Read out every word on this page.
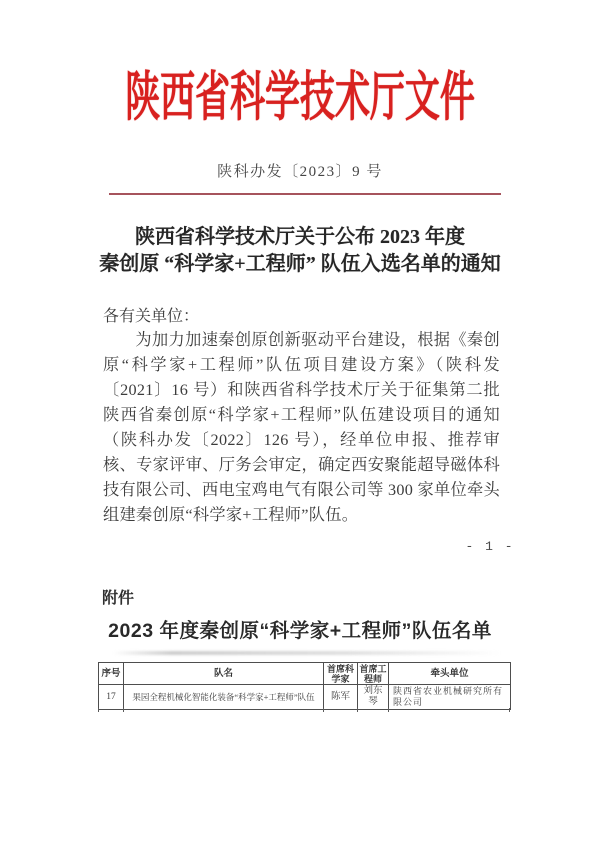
陕西省科学技术厅文件
陕科办发〔2023〕9 号
陕西省科学技术厅关于公布 2023 年度
秦创原 “科学家+工程师” 队伍入选名单的通知
各有关单位：
为加力加速秦创原创新驱动平台建设，根据《秦创原“科学家+工程师”队伍项目建设方案》（陕科发〔2021〕16 号）和陕西省科学技术厅关于征集第二批陕西省秦创原“科学家+工程师”队伍建设项目的通知（陕科办发〔2022〕126 号），经单位申报、推荐审核、专家评审、厅务会审定，确定西安聚能超导磁体科技有限公司、西电宝鸡电气有限公司等 300 家单位牵头组建秦创原“科学家+工程师”队伍。
- 1 -
附件
2023 年度秦创原“科学家+工程师”队伍名单
序号	队名	首席科学家	首席工程师	牵头单位
17	果园全程机械化智能化装备“科学家+工程师”队伍	陈军	刘东琴	陕西省农业机械研究所有限公司
